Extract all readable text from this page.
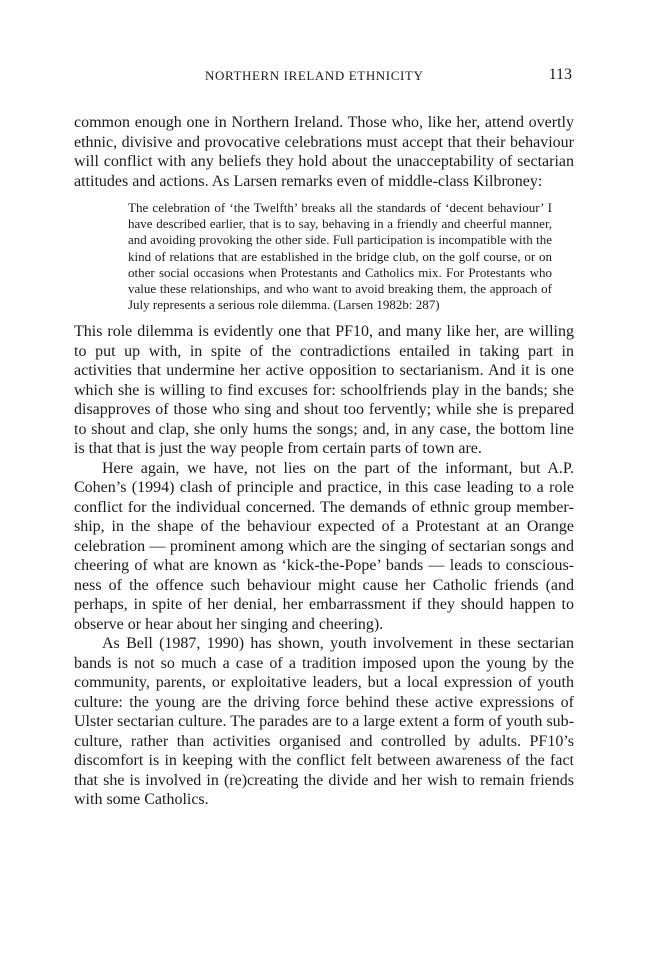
NORTHERN IRELAND ETHNICITY	113

common enough one in Northern Ireland. Those who, like her, attend overtly ethnic, divisive and provocative celebrations must accept that their behaviour will conflict with any beliefs they hold about the unacceptability of sectarian attitudes and actions. As Larsen remarks even of middle-class Kilbroney:

The celebration of ‘the Twelfth’ breaks all the standards of ‘decent behaviour’ I have described earlier, that is to say, behaving in a friendly and cheerful manner, and avoiding provoking the other side. Full participation is incompatible with the kind of relations that are established in the bridge club, on the golf course, or on other social occasions when Protestants and Catholics mix. For Protestants who value these relationships, and who want to avoid breaking them, the approach of July represents a serious role dilemma. (Larsen 1982b: 287)

This role dilemma is evidently one that PF10, and many like her, are willing to put up with, in spite of the contradictions entailed in taking part in activities that undermine her active opposition to sectarianism. And it is one which she is willing to find excuses for: schoolfriends play in the bands; she disapproves of those who sing and shout too fervently; while she is prepared to shout and clap, she only hums the songs; and, in any case, the bottom line is that that is just the way people from certain parts of town are.

Here again, we have, not lies on the part of the informant, but A.P. Cohen’s (1994) clash of principle and practice, in this case leading to a role conflict for the individual concerned. The demands of ethnic group membership, in the shape of the behaviour expected of a Protestant at an Orange celebration — prominent among which are the singing of sectarian songs and cheering of what are known as ‘kick-the-Pope’ bands — leads to consciousness of the offence such behaviour might cause her Catholic friends (and perhaps, in spite of her denial, her embarrassment if they should happen to observe or hear about her singing and cheering).

As Bell (1987, 1990) has shown, youth involvement in these sectarian bands is not so much a case of a tradition imposed upon the young by the community, parents, or exploitative leaders, but a local expression of youth culture: the young are the driving force behind these active expressions of Ulster sectarian culture. The parades are to a large extent a form of youth subculture, rather than activities organised and controlled by adults. PF10’s discomfort is in keeping with the conflict felt between awareness of the fact that she is involved in (re)creating the divide and her wish to remain friends with some Catholics.
